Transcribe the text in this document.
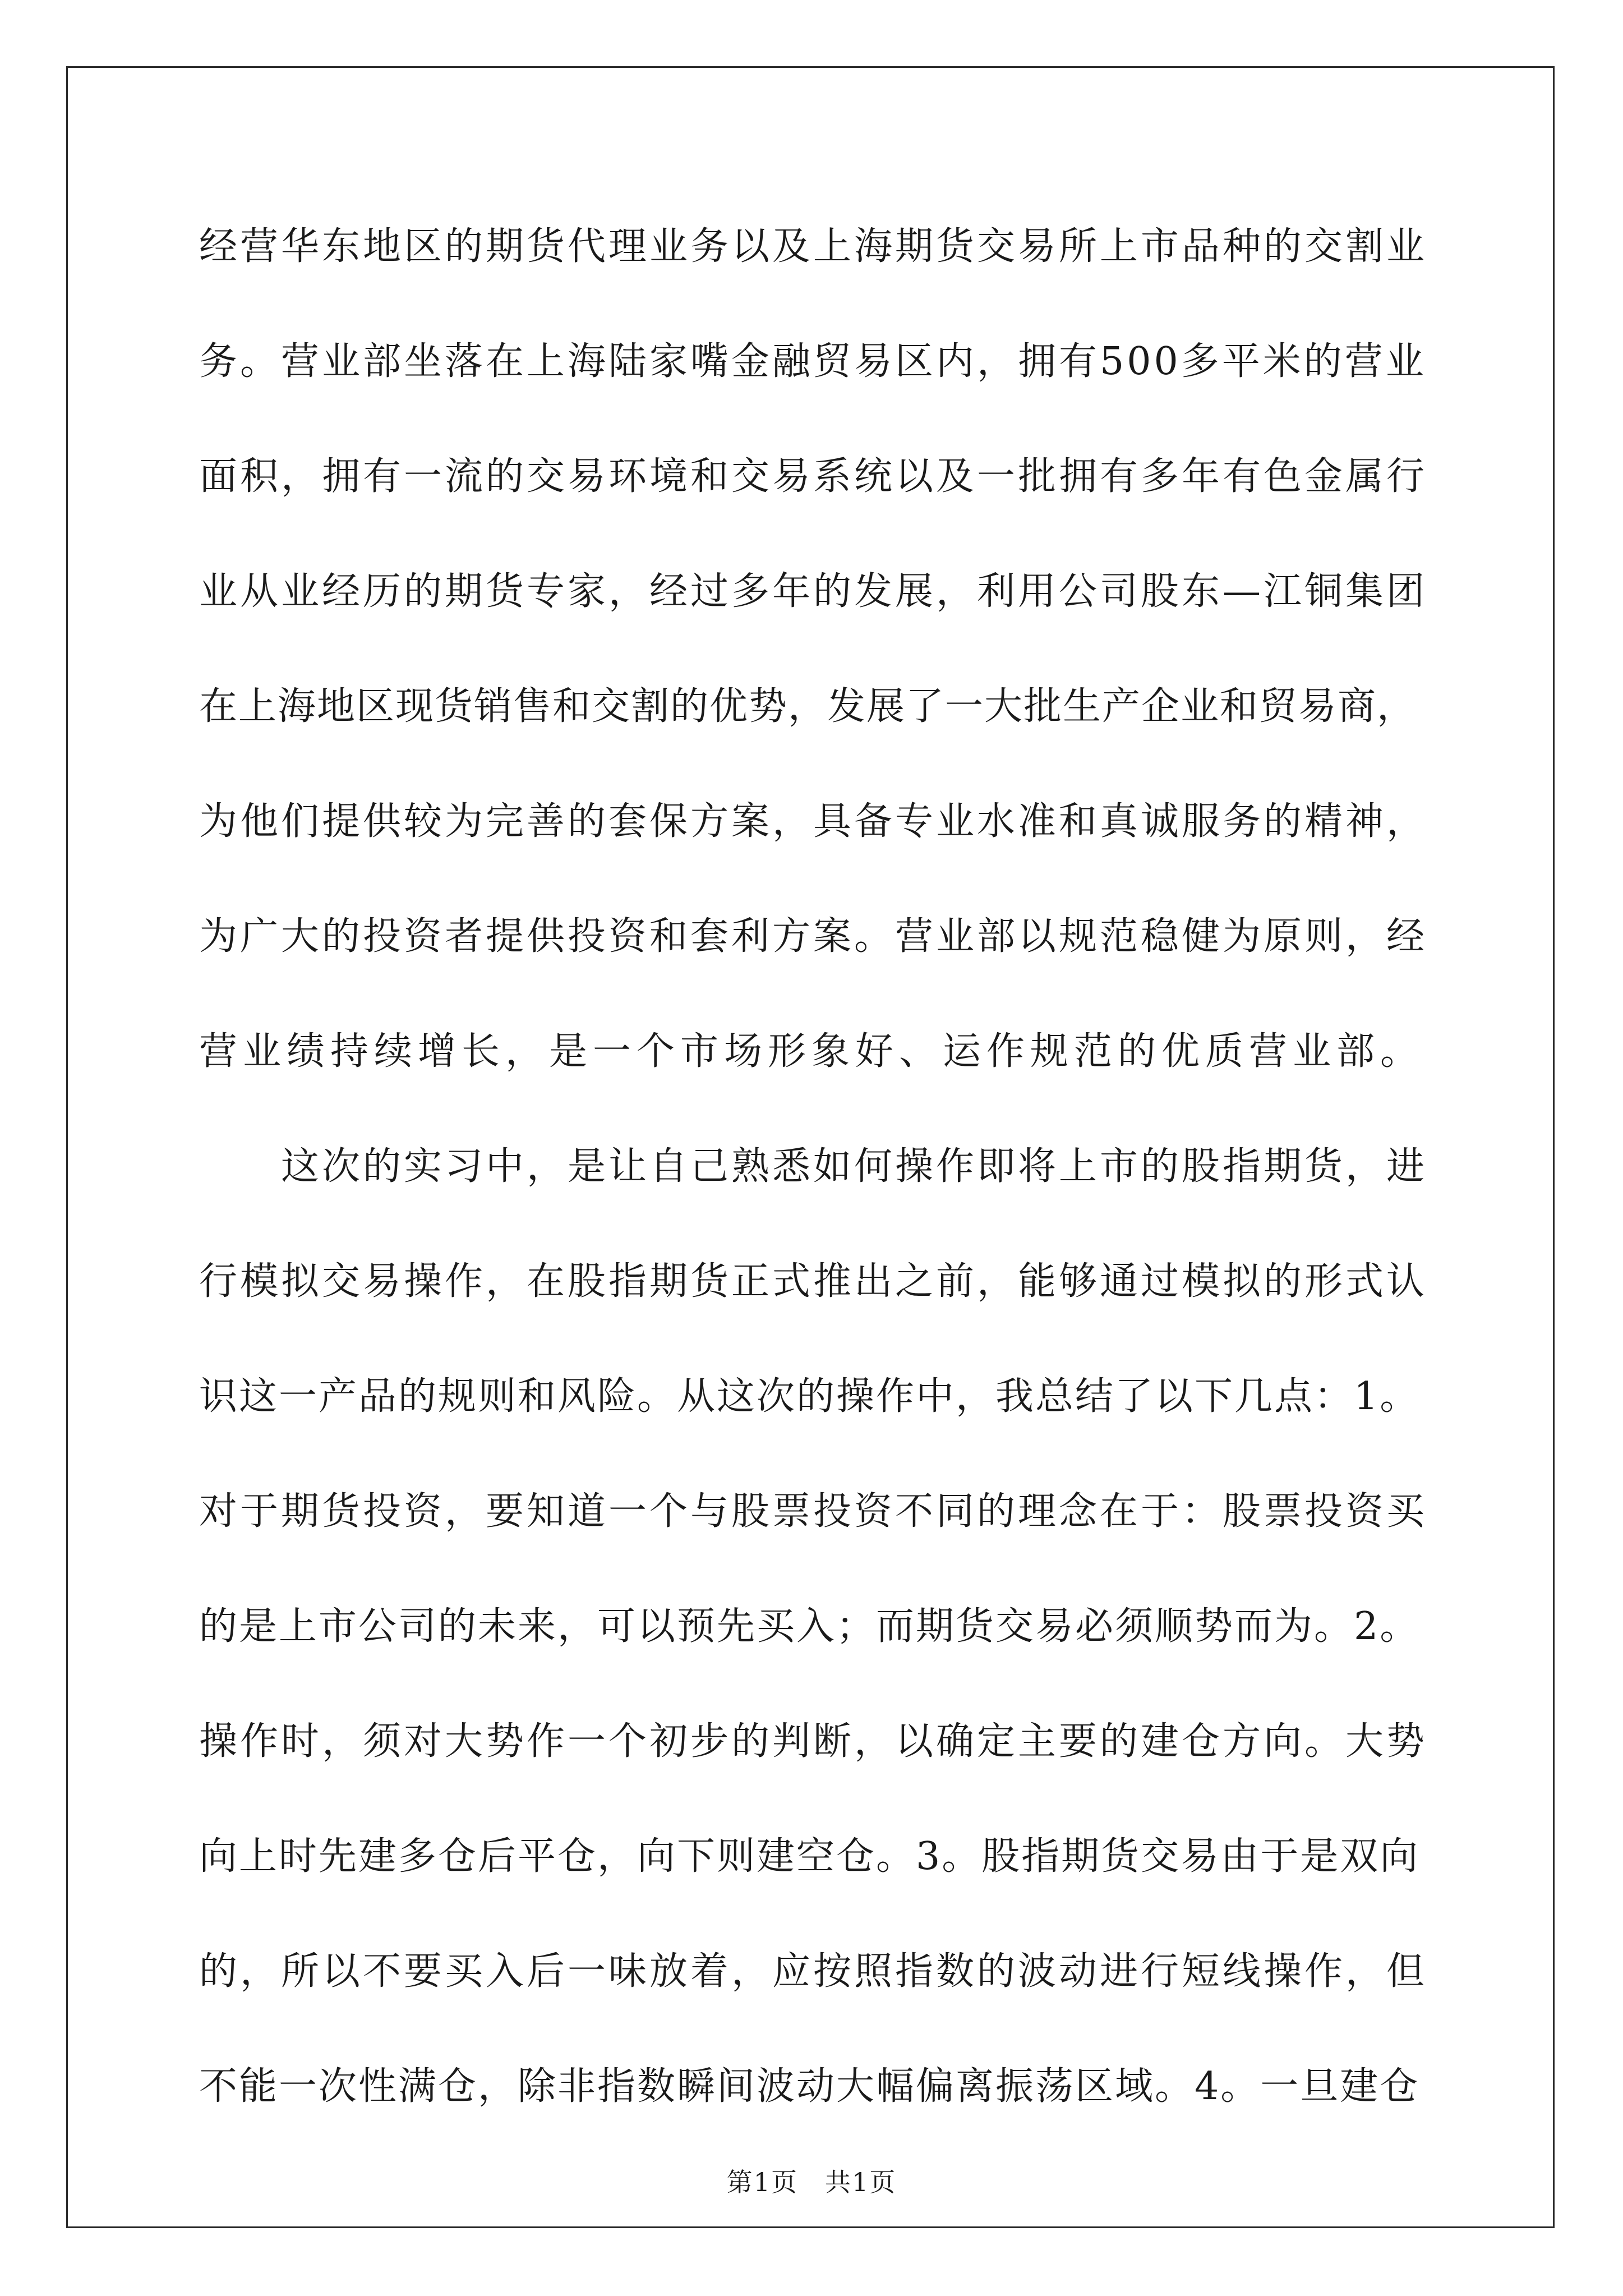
经营华东地区的期货代理业务以及上海期货交易所上市品种的交割业
务。营业部坐落在上海陆家嘴金融贸易区内，拥有500多平米的营业
面积，拥有一流的交易环境和交易系统以及一批拥有多年有色金属行
业从业经历的期货专家，经过多年的发展，利用公司股东—江铜集团
在上海地区现货销售和交割的优势，发展了一大批生产企业和贸易商，
为他们提供较为完善的套保方案，具备专业水准和真诚服务的精神，
为广大的投资者提供投资和套利方案。营业部以规范稳健为原则，经
营业绩持续增长，是一个市场形象好、运作规范的优质营业部。
　　这次的实习中，是让自己熟悉如何操作即将上市的股指期货，进
行模拟交易操作，在股指期货正式推出之前，能够通过模拟的形式认
识这一产品的规则和风险。从这次的操作中，我总结了以下几点：1。
对于期货投资，要知道一个与股票投资不同的理念在于：股票投资买
的是上市公司的未来，可以预先买入；而期货交易必须顺势而为。2。
操作时，须对大势作一个初步的判断，以确定主要的建仓方向。大势
向上时先建多仓后平仓，向下则建空仓。3。股指期货交易由于是双向
的，所以不要买入后一味放着，应按照指数的波动进行短线操作，但
不能一次性满仓，除非指数瞬间波动大幅偏离振荡区域。4。一旦建仓
第1页　共1页
